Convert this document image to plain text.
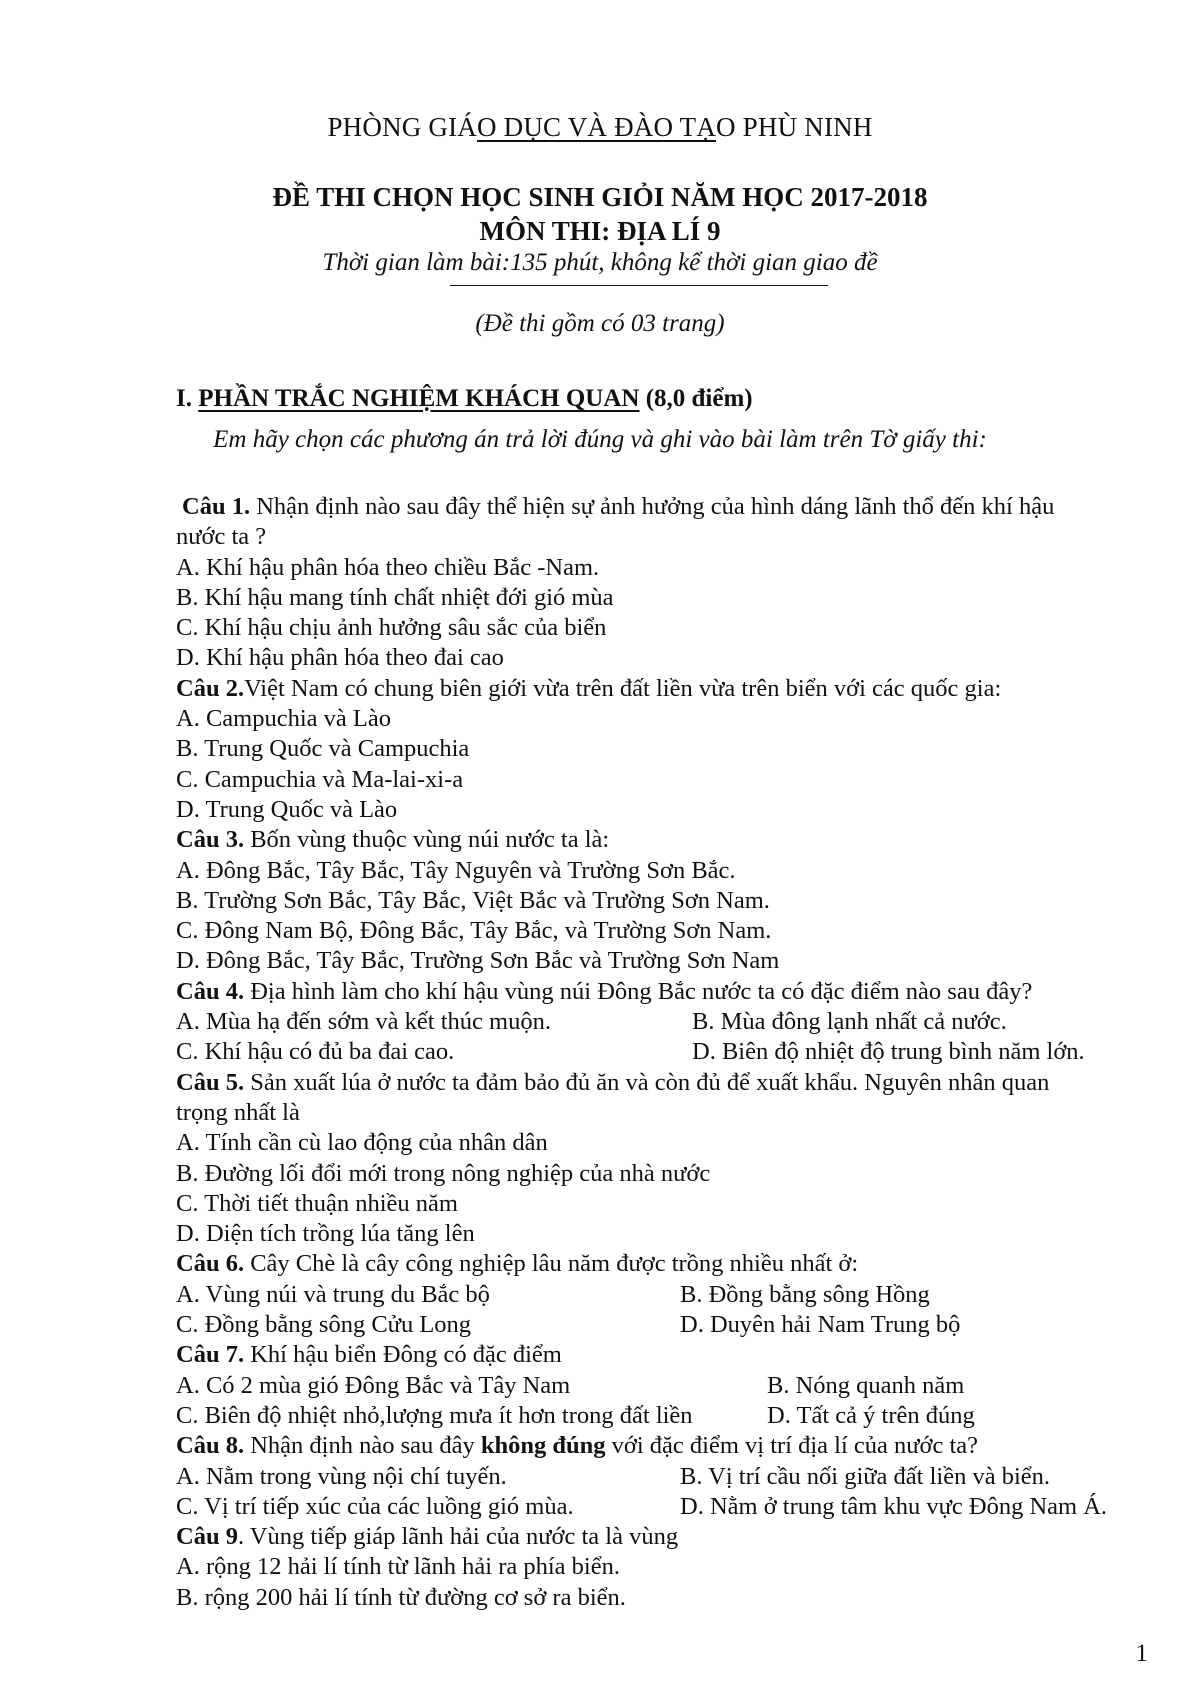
PHÒNG GIÁO DỤC VÀ ĐÀO TẠO PHÙ NINH
ĐỀ THI CHỌN HỌC SINH GIỎI NĂM HỌC 2017-2018
MÔN THI: ĐỊA LÍ 9
Thời gian làm bài:135 phút, không kể thời gian giao đề
(Đề thi gồm có 03 trang)
I. PHẦN TRẮC NGHIỆM KHÁCH QUAN (8,0 điểm)
Em hãy chọn các phương án trả lời đúng và ghi vào bài làm trên Tờ giấy thi:
Câu 1. Nhận định nào sau đây thể hiện sự ảnh hưởng của hình dáng lãnh thổ đến khí hậu
nước ta ?
A. Khí hậu phân hóa theo chiều Bắc -Nam.
B. Khí hậu mang tính chất nhiệt đới gió mùa
C. Khí hậu chịu ảnh hưởng sâu sắc của biển
D. Khí hậu phân hóa theo đai cao
Câu 2.Việt Nam có chung biên giới vừa trên đất liền vừa trên biển với các quốc gia:
A. Campuchia và Lào
B. Trung Quốc và Campuchia
C. Campuchia và Ma-lai-xi-a
D. Trung Quốc và Lào
Câu 3. Bốn vùng thuộc vùng núi nước ta là:
A. Đông Bắc, Tây Bắc, Tây Nguyên và Trường Sơn Bắc.
B. Trường Sơn Bắc, Tây Bắc, Việt Bắc và Trường Sơn Nam.
C. Đông Nam Bộ, Đông Bắc, Tây Bắc, và Trường Sơn Nam.
D. Đông Bắc, Tây Bắc, Trường Sơn Bắc và Trường Sơn Nam
Câu 4. Địa hình làm cho khí hậu vùng núi Đông Bắc nước ta có đặc điểm nào sau đây?
A. Mùa hạ đến sớm và kết thúc muộn.	B. Mùa đông lạnh nhất cả nước.
C. Khí hậu có đủ ba đai cao.	D. Biên độ nhiệt độ trung bình năm lớn.
Câu 5. Sản xuất lúa ở nước ta đảm bảo đủ ăn và còn đủ để xuất khẩu. Nguyên nhân quan
trọng nhất là
A. Tính cần cù lao động của nhân dân
B. Đường lối đổi mới trong nông nghiệp của nhà nước
C. Thời tiết thuận nhiều năm
D. Diện tích trồng lúa tăng lên
Câu 6. Cây Chè là cây công nghiệp lâu năm được trồng nhiều nhất ở:
A. Vùng núi và trung du Bắc bộ	B. Đồng bằng sông Hồng
C. Đồng bằng sông Cửu Long	D. Duyên hải Nam Trung bộ
Câu 7. Khí hậu biển Đông có đặc điểm
A. Có 2 mùa gió Đông Bắc và Tây Nam	B. Nóng quanh năm
C. Biên độ nhiệt nhỏ,lượng mưa ít hơn trong đất liền	D. Tất cả ý trên đúng
Câu 8. Nhận định nào sau đây không đúng với đặc điểm vị trí địa lí của nước ta?
A. Nằm trong vùng nội chí tuyến.	B. Vị trí cầu nối giữa đất liền và biển.
C. Vị trí tiếp xúc của các luồng gió mùa.	D. Nằm ở trung tâm khu vực Đông Nam Á.
Câu 9. Vùng tiếp giáp lãnh hải của nước ta là vùng
A. rộng 12 hải lí tính từ lãnh hải ra phía biển.
B. rộng 200 hải lí tính từ đường cơ sở ra biển.
1
